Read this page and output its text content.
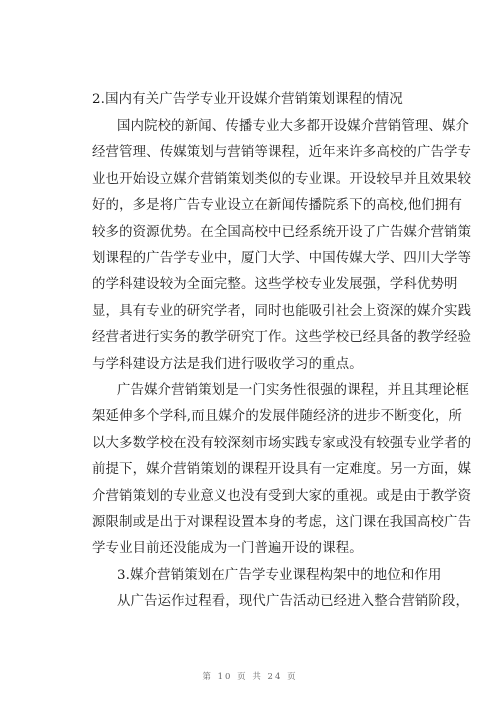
2.国内有关广告学专业开设媒介营销策划课程的情况
国内院校的新闻、传播专业大多都开设媒介营销管理、媒介
经营管理、传媒策划与营销等课程，近年来许多高校的广告学专
业也开始设立媒介营销策划类似的专业课。开设较早并且效果较
好的，多是将广告专业设立在新闻传播院系下的高校,他们拥有
较多的资源优势。在全国高校中已经系统开设了广告媒介营销策
划课程的广告学专业中，厦门大学、中国传媒大学、四川大学等
的学科建设较为全面完整。这些学校专业发展强，学科优势明
显，具有专业的研究学者，同时也能吸引社会上资深的媒介实践
经营者进行实务的教学研究丁作。这些学校已经具备的教学经验
与学科建设方法是我们进行吸收学习的重点。
广告媒介营销策划是一门实务性很强的课程，并且其理论框
架延伸多个学科,而且媒介的发展伴随经济的进步不断变化，所
以大多数学校在没有较深刻市场实践专家或没有较强专业学者的
前提下，媒介营销策划的课程开设具有一定难度。另一方面，媒
介营销策划的专业意义也没有受到大家的重视。或是由于教学资
源限制或是出于对课程设置本身的考虑，这门课在我国高校广告
学专业目前还没能成为一门普遍开设的课程。
3.媒介营销策划在广告学专业课程构架中的地位和作用
从广告运作过程看，现代广告活动已经进入整合营销阶段，
第 10 页 共 24 页
